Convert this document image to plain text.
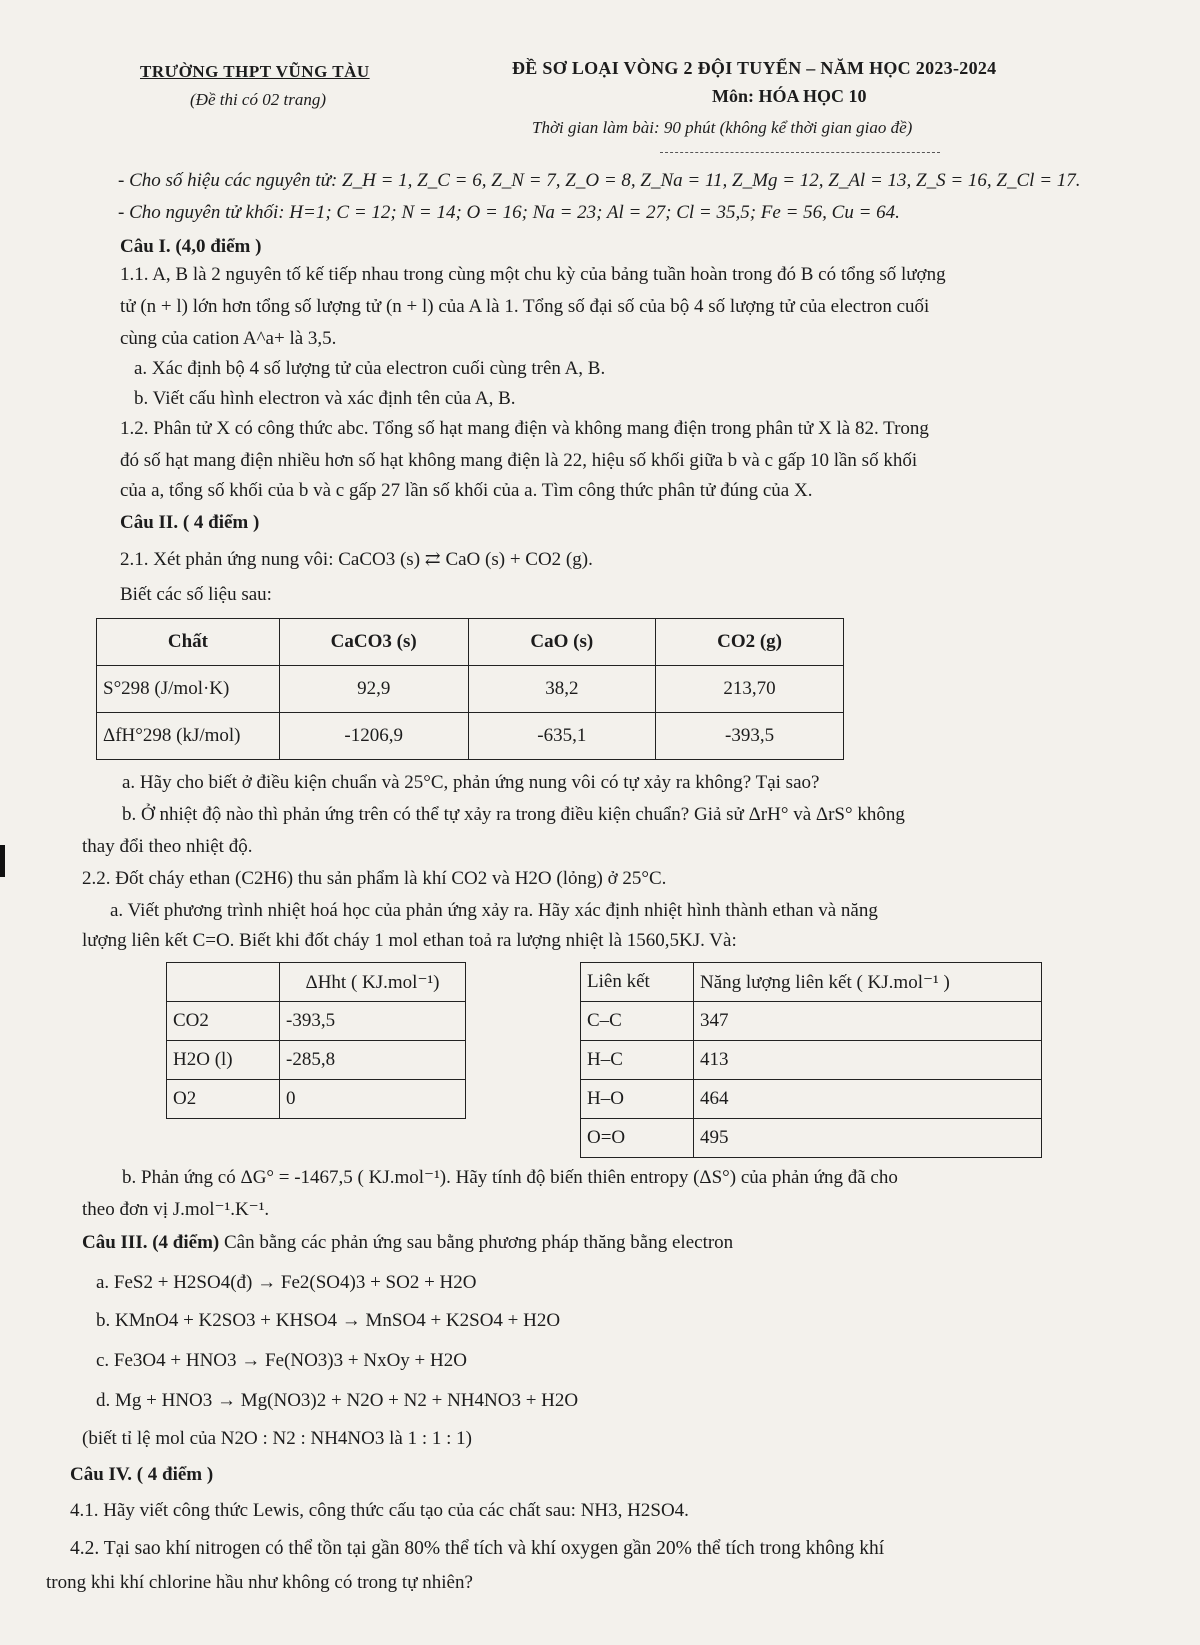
TRƯỜNG THPT VŨNG TÀU
(Đề thi có 02 trang)
ĐỀ SƠ LOẠI VÒNG 2 ĐỘI TUYỂN – NĂM HỌC 2023-2024
Môn: HÓA HỌC 10
Thời gian làm bài: 90 phút (không kể thời gian giao đề)
- Cho số hiệu các nguyên tử: Z_H = 1, Z_C = 6, Z_N = 7, Z_O = 8, Z_Na = 11, Z_Mg = 12, Z_Al = 13, Z_S = 16, Z_Cl = 17.
- Cho nguyên tử khối: H=1; C = 12; N = 14; O = 16; Na = 23; Al = 27; Cl = 35,5; Fe = 56, Cu = 64.
Câu I. (4,0 điểm )
1.1. A, B là 2 nguyên tố kế tiếp nhau trong cùng một chu kỳ của bảng tuần hoàn trong đó B có tổng số lượng
tử (n + l) lớn hơn tổng số lượng tử (n + l) của A là 1. Tổng số đại số của bộ 4 số lượng tử của electron cuối
cùng của cation A^a+ là 3,5.
a. Xác định bộ 4 số lượng tử của electron cuối cùng trên A, B.
b. Viết cấu hình electron và xác định tên của A, B.
1.2. Phân tử X có công thức abc. Tổng số hạt mang điện và không mang điện trong phân tử X là 82. Trong
đó số hạt mang điện nhiều hơn số hạt không mang điện là 22, hiệu số khối giữa b và c gấp 10 lần số khối
của a, tổng số khối của b và c gấp 27 lần số khối của a. Tìm công thức phân tử đúng của X.
Câu II. ( 4 điểm )
2.1. Xét phản ứng nung vôi: CaCO3 (s) ⇄ CaO (s) + CO2 (g).
Biết các số liệu sau:
Chất	CaCO3 (s)	CaO (s)	CO2 (g)
S°298 (J/mol·K)	92,9	38,2	213,70
ΔfH°298 (kJ/mol)	-1206,9	-635,1	-393,5
a. Hãy cho biết ở điều kiện chuẩn và 25°C, phản ứng nung vôi có tự xảy ra không? Tại sao?
b. Ở nhiệt độ nào thì phản ứng trên có thể tự xảy ra trong điều kiện chuẩn? Giả sử ΔrH° và ΔrS° không
thay đổi theo nhiệt độ.
2.2. Đốt cháy ethan (C2H6) thu sản phẩm là khí CO2 và H2O (lỏng) ở 25°C.
a. Viết phương trình nhiệt hoá học của phản ứng xảy ra. Hãy xác định nhiệt hình thành ethan và năng
lượng liên kết C=O. Biết khi đốt cháy 1 mol ethan toả ra lượng nhiệt là 1560,5KJ. Và:
	ΔHht ( KJ.mol⁻¹)
CO2	-393,5
H2O (l)	-285,8
O2	0
Liên kết	Năng lượng liên kết ( KJ.mol⁻¹ )
C–C	347
H–C	413
H–O	464
O=O	495
b. Phản ứng có ΔG° = -1467,5 ( KJ.mol⁻¹). Hãy tính độ biến thiên entropy (ΔS°) của phản ứng đã cho
theo đơn vị J.mol⁻¹.K⁻¹.
Câu III. (4 điểm) Cân bằng các phản ứng sau bằng phương pháp thăng bằng electron
a. FeS2 + H2SO4(đ) → Fe2(SO4)3 + SO2 + H2O
b. KMnO4 + K2SO3 + KHSO4 → MnSO4 + K2SO4 + H2O
c. Fe3O4 + HNO3 → Fe(NO3)3 + NxOy + H2O
d. Mg + HNO3 → Mg(NO3)2 + N2O + N2 + NH4NO3 + H2O
(biết tỉ lệ mol của N2O : N2 : NH4NO3 là 1 : 1 : 1)
Câu IV. ( 4 điểm )
4.1. Hãy viết công thức Lewis, công thức cấu tạo của các chất sau: NH3, H2SO4.
4.2. Tại sao khí nitrogen có thể tồn tại gần 80% thể tích và khí oxygen gần 20% thể tích trong không khí
trong khi khí chlorine hầu như không có trong tự nhiên?
